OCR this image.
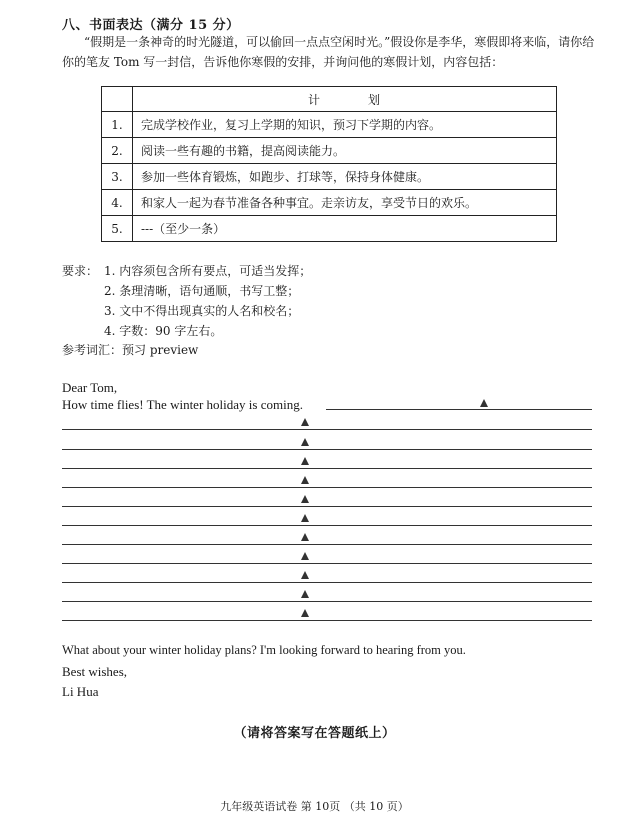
八、书面表达（满分 15 分）
“假期是一条神奇的时光隧道，可以偷回一点点空闲时光。”假设你是李华，寒假即将来临，请你给你的笔友 Tom 写一封信，告诉他你寒假的安排，并询问他的寒假计划，内容包括：
	计　划
1.	完成学校作业，复习上学期的知识，预习下学期的内容。
2.	阅读一些有趣的书籍，提高阅读能力。
3.	参加一些体育锻炼，如跑步、打球等，保持身体健康。
4.	和家人一起为春节准备各种事宜。走亲访友，享受节日的欢乐。
5.	---（至少一条）
要求： 1. 内容须包含所有要点，可适当发挥；
2. 条理清晰，语句通顺，书写工整；
3. 文中不得出现真实的人名和校名；
4. 字数：90 字左右。
参考词汇：预习 preview
Dear Tom,
How time flies! The winter holiday is coming.
What about your winter holiday plans? I'm looking forward to hearing from you.
Best wishes,
Li Hua
（请将答案写在答题纸上）
九年级英语试卷 第 10页 （共 10 页）
